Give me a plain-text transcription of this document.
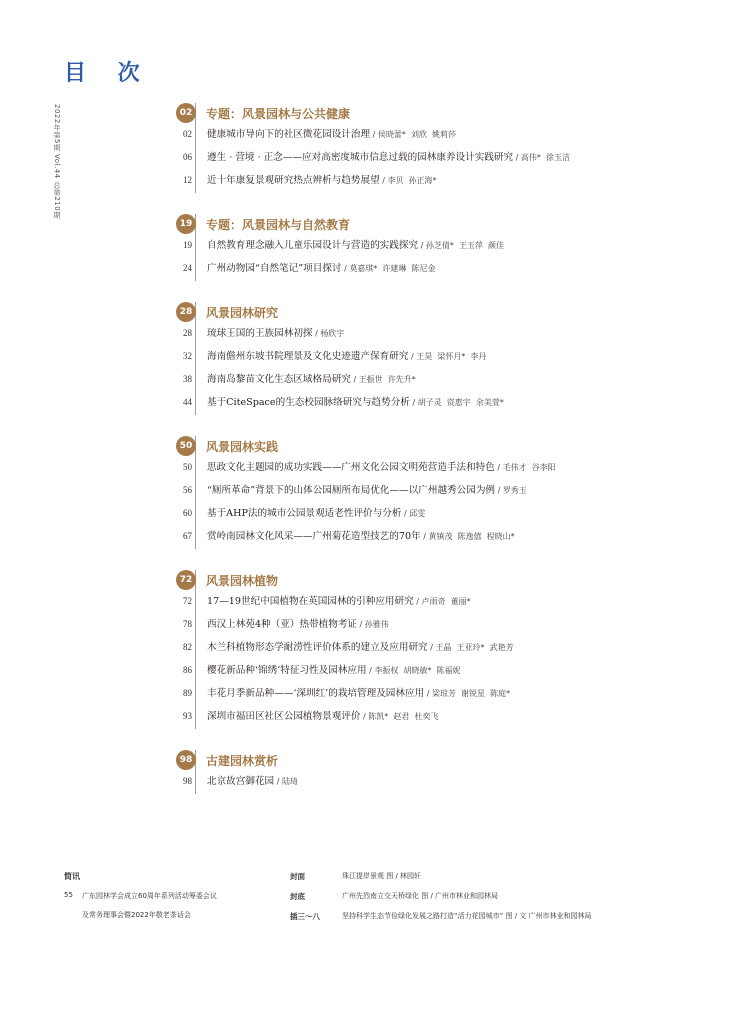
目 次
2022年第5期 Vol.44 总第210期	02	专题：风景园林与公共健康
02 健康城市导向下的社区微花园设计治理 / 侯晓蕾*  刘欣  姚莉莎
06 遵生 · 营境 · 正念——应对高密度城市信息过载的园林康养设计实践研究 / 高伟*  徐玉洁
12 近十年康复景观研究热点辨析与趋势展望 / 李贝  孙正海*
19	专题：风景园林与自然教育
19 自然教育理念融入儿童乐园设计与营造的实践探究 / 孙芝倩*  王玉萍  颜佳
24 广州动物园“自然笔记”项目探讨 / 莫嘉琪*  许建琳  陈尼金
28	风景园林研究
28 琉球王国的王族园林初探 / 杨欣宇
32 海南儋州东坡书院理景及文化史迹遗产保育研究 / 王昊  梁怀月*  李丹
38 海南岛黎苗文化生态区域格局研究 / 王振世  许先升*
44 基于CiteSpace的生态校园脉络研究与趋势分析 / 胡子灵  资惠宇  余美萱*
50	风景园林实践
50 思政文化主题园的成功实践——广州文化公园文明苑营造手法和特色 / 毛伟才  谷李阳
56 “厕所革命”背景下的山体公园厕所布局优化——以广州越秀公园为例 / 罗秀玉
60 基于AHP法的城市公园景观适老性评价与分析 / 邱雯
67 赏岭南园林文化风采——广州菊花造型技艺的70年 / 黄镇茂  陈逸僖  程晓山*
72	风景园林植物
72 17—19世纪中国植物在英国园林的引种应用研究 / 卢雨奇  董丽*
78 西汉上林苑4种（亚）热带植物考证 / 孙雅伟
82 木兰科植物形态学耐涝性评价体系的建立及应用研究 / 王晶  王亚玲*  武艳芳
86 樱花新品种‘锦绣’特征习性及园林应用 / 李振权  胡晓敏*  陈福妮
89 丰花月季新品种——‘深圳红’的栽培管理及园林应用 / 梁琼芳  谢锐星  陈庭*
93 深圳市福田区社区公园植物景观评价 / 陈凯*  赵君  杜奕飞
98	古建园林赏析
98 北京故宫御花园 / 陆琦
简讯
55	广东园林学会成立60周年系列活动筹委会议
及常务理事会暨2022年敬老茶话会
封面	珠江提岸景观 图 / 林园轩
封底	广州先烈南立交天桥绿化 图 / 广州市林业和园林局
插三～八	坚持科学生态节俭绿化发展之路打造“活力花园城市” 图 / 文 广州市林业和园林局
